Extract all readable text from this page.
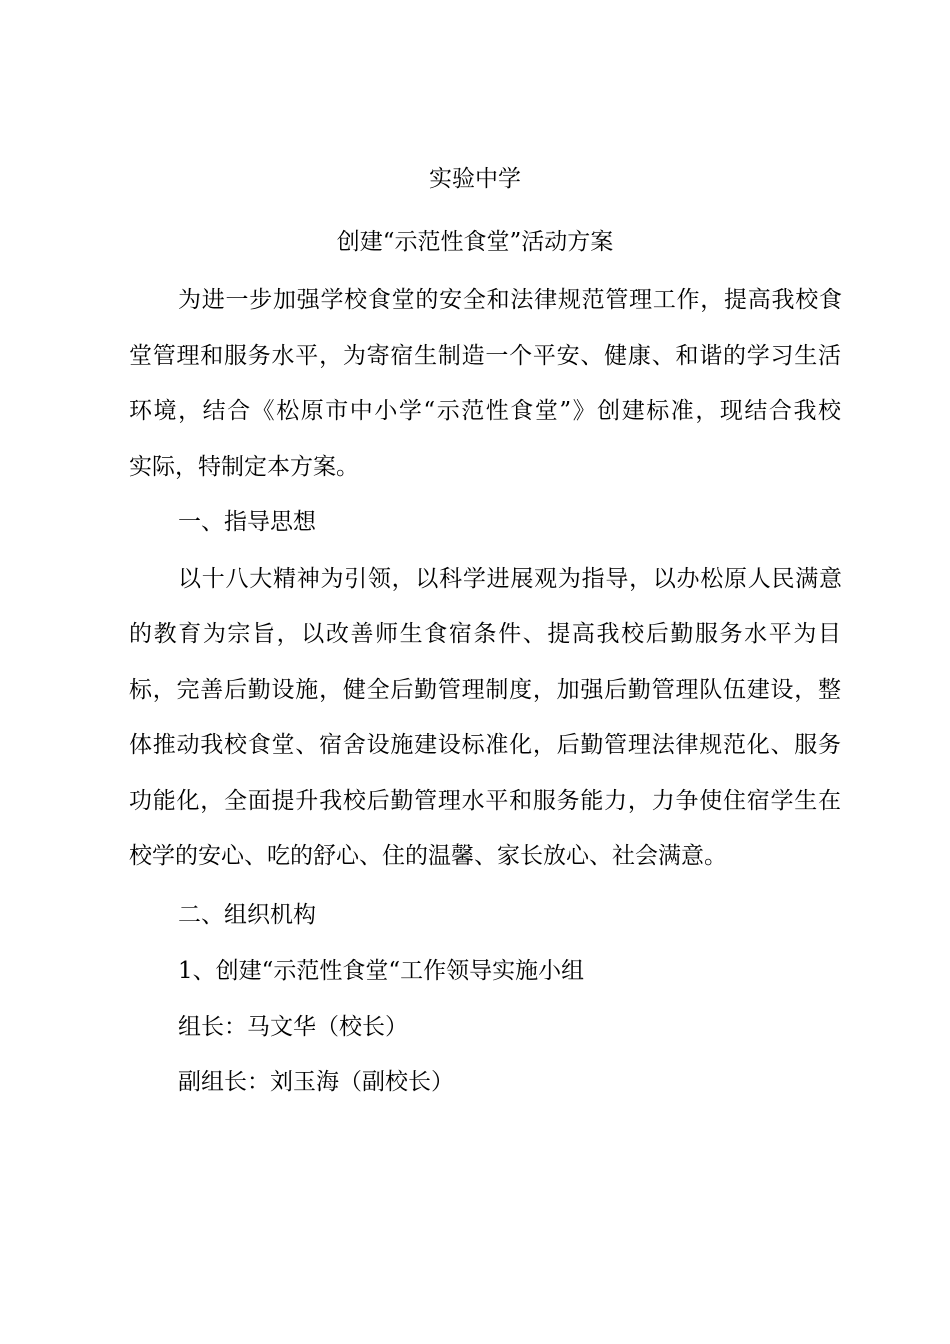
实验中学
创建“示范性食堂”活动方案
为进一步加强学校食堂的安全和法律规范管理工作，提高我校食
堂管理和服务水平，为寄宿生制造一个平安、健康、和谐的学习生活
环境，结合《松原市中小学“示范性食堂”》创建标准，现结合我校
实际，特制定本方案。
一、指导思想
以十八大精神为引领，以科学进展观为指导，以办松原人民满意
的教育为宗旨，以改善师生食宿条件、提高我校后勤服务水平为目
标，完善后勤设施，健全后勤管理制度，加强后勤管理队伍建设，整
体推动我校食堂、宿舍设施建设标准化，后勤管理法律规范化、服务
功能化，全面提升我校后勤管理水平和服务能力，力争使住宿学生在
校学的安心、吃的舒心、住的温馨、家长放心、社会满意。
二、组织机构
1、创建“示范性食堂“工作领导实施小组
组长：马文华（校长）
副组长：刘玉海（副校长）
